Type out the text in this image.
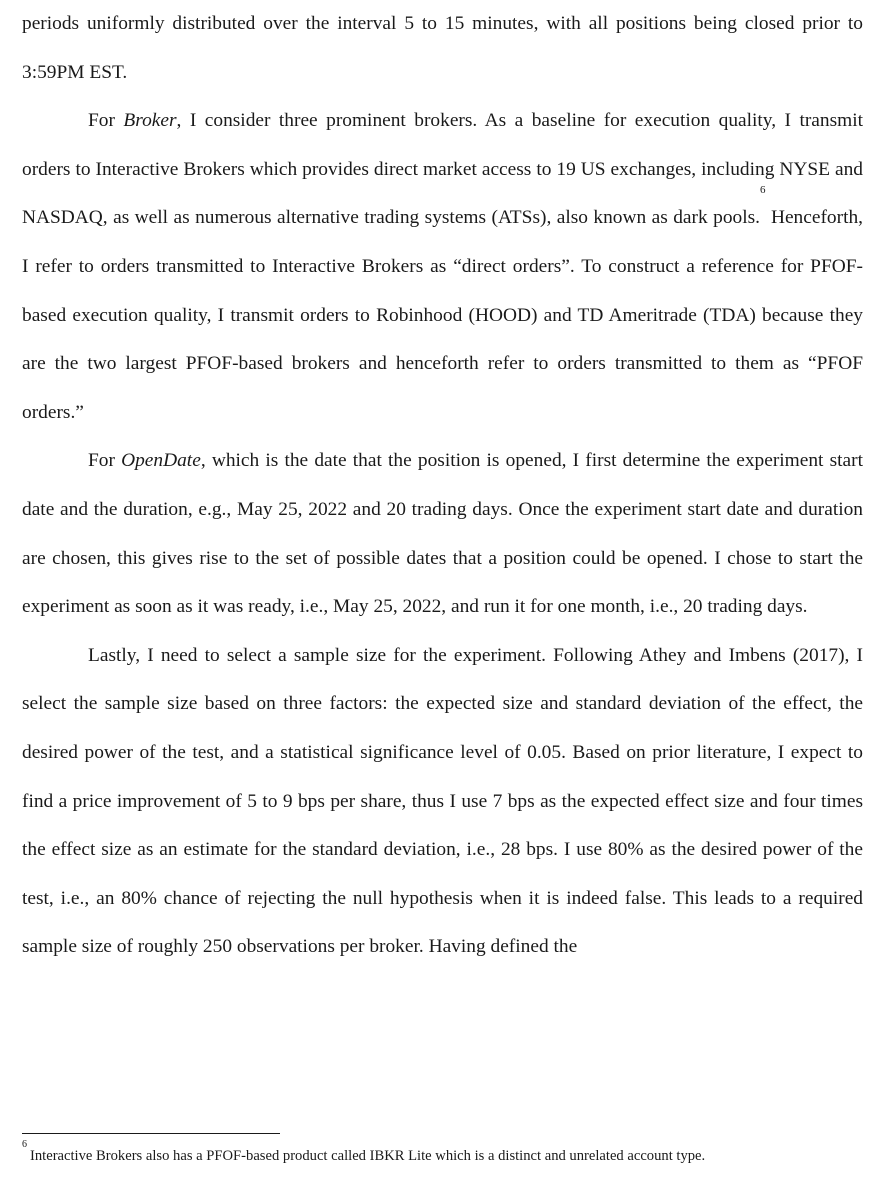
periods uniformly distributed over the interval 5 to 15 minutes, with all positions being closed prior to 3:59PM EST.

For Broker, I consider three prominent brokers. As a baseline for execution quality, I transmit orders to Interactive Brokers which provides direct market access to 19 US exchanges, including NYSE and NASDAQ, as well as numerous alternative trading systems (ATSs), also known as dark pools.$^6$ Henceforth, I refer to orders transmitted to Interactive Brokers as “direct orders”. To construct a reference for PFOF-based execution quality, I transmit orders to Robinhood (HOOD) and TD Ameritrade (TDA) because they are the two largest PFOF-based brokers and henceforth refer to orders transmitted to them as “PFOF orders.”

For OpenDate, which is the date that the position is opened, I first determine the experiment start date and the duration, e.g., May 25, 2022 and 20 trading days. Once the experiment start date and duration are chosen, this gives rise to the set of possible dates that a position could be opened. I chose to start the experiment as soon as it was ready, i.e., May 25, 2022, and run it for one month, i.e., 20 trading days.

Lastly, I need to select a sample size for the experiment. Following Athey and Imbens (2017), I select the sample size based on three factors: the expected size and standard deviation of the effect, the desired power of the test, and a statistical significance level of 0.05. Based on prior literature, I expect to find a price improvement of 5 to 9 bps per share, thus I use 7 bps as the expected effect size and four times the effect size as an estimate for the standard deviation, i.e., 28 bps. I use 80% as the desired power of the test, i.e., an 80% chance of rejecting the null hypothesis when it is indeed false. This leads to a required sample size of roughly 250 observations per broker. Having defined the

$^6$Interactive Brokers also has a PFOF-based product called IBKR Lite which is a distinct and unrelated account type.
